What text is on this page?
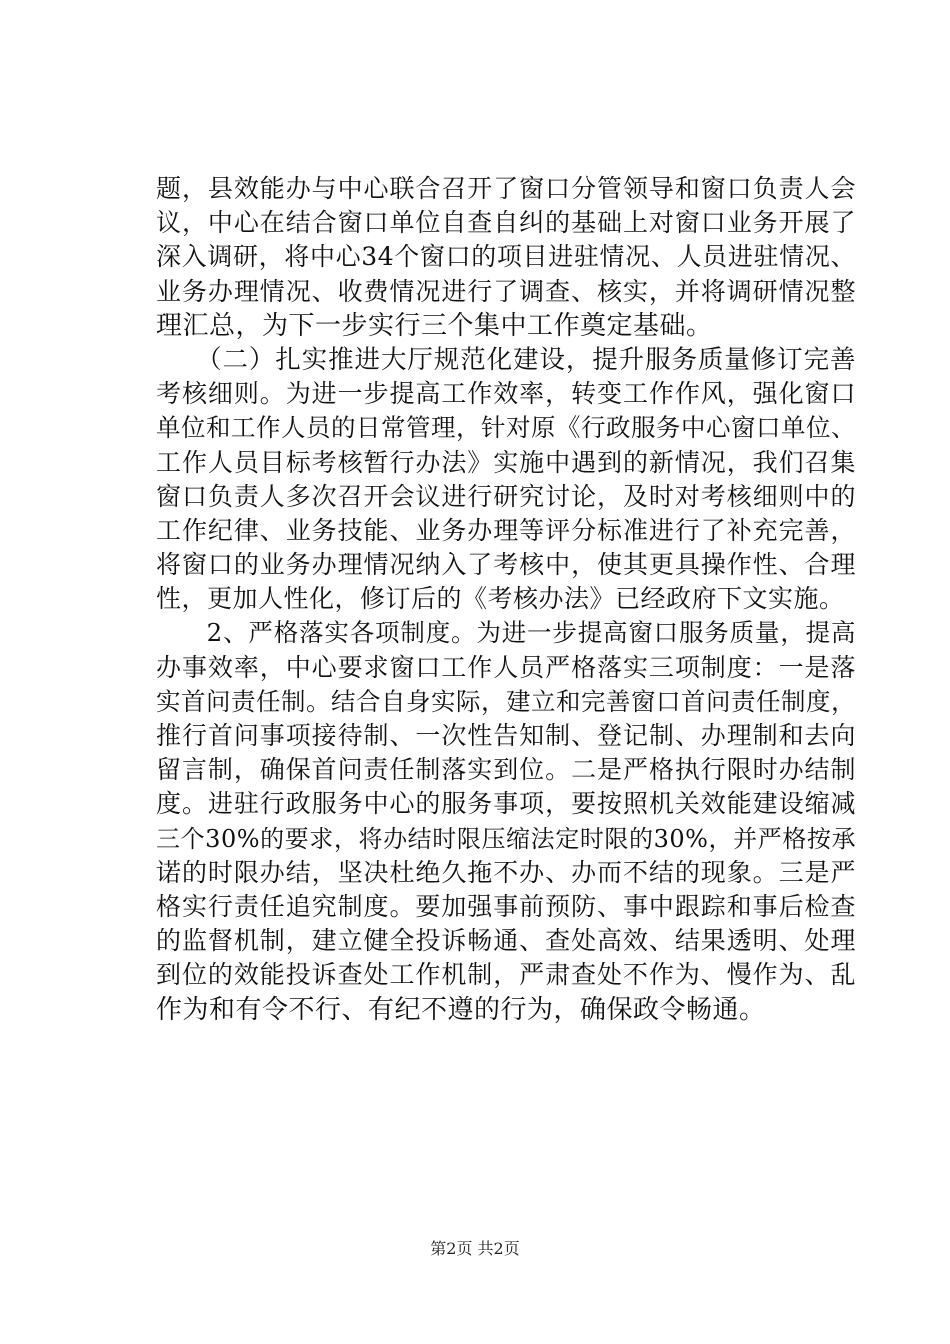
题，县效能办与中心联合召开了窗口分管领导和窗口负责人会
议，中心在结合窗口单位自查自纠的基础上对窗口业务开展了
深入调研，将中心34个窗口的项目进驻情况、人员进驻情况、
业务办理情况、收费情况进行了调查、核实，并将调研情况整
理汇总，为下一步实行三个集中工作奠定基础。
　　（二）扎实推进大厅规范化建设，提升服务质量修订完善
考核细则。为进一步提高工作效率，转变工作作风，强化窗口
单位和工作人员的日常管理，针对原《行政服务中心窗口单位、
工作人员目标考核暂行办法》实施中遇到的新情况，我们召集
窗口负责人多次召开会议进行研究讨论，及时对考核细则中的
工作纪律、业务技能、业务办理等评分标准进行了补充完善，
将窗口的业务办理情况纳入了考核中，使其更具操作性、合理
性，更加人性化，修订后的《考核办法》已经政府下文实施。
　　2、严格落实各项制度。为进一步提高窗口服务质量，提高
办事效率，中心要求窗口工作人员严格落实三项制度：一是落
实首问责任制。结合自身实际，建立和完善窗口首问责任制度，
推行首问事项接待制、一次性告知制、登记制、办理制和去向
留言制，确保首问责任制落实到位。二是严格执行限时办结制
度。进驻行政服务中心的服务事项，要按照机关效能建设缩减
三个30%的要求，将办结时限压缩法定时限的30%，并严格按承
诺的时限办结，坚决杜绝久拖不办、办而不结的现象。三是严
格实行责任追究制度。要加强事前预防、事中跟踪和事后检查
的监督机制，建立健全投诉畅通、查处高效、结果透明、处理
到位的效能投诉查处工作机制，严肃查处不作为、慢作为、乱
作为和有令不行、有纪不遵的行为，确保政令畅通。
第2页 共2页
